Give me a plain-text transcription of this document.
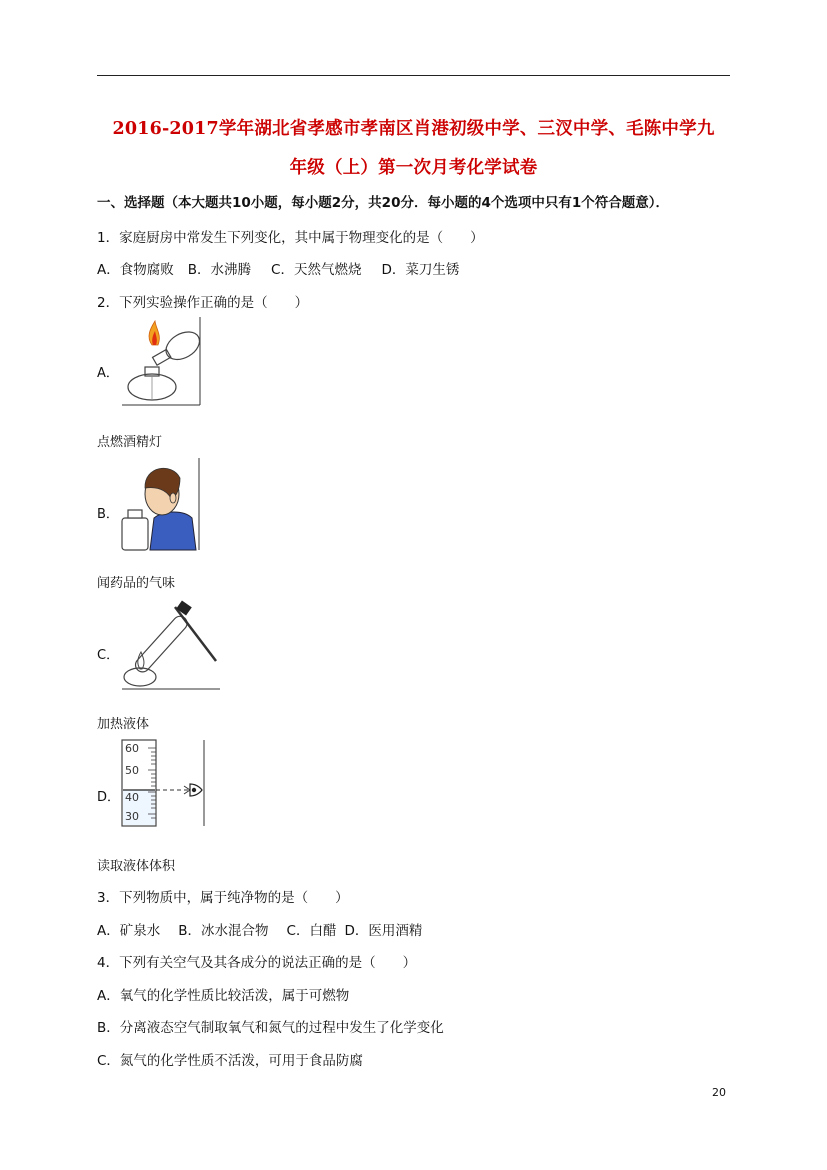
2016-2017学年湖北省孝感市孝南区肖港初级中学、三汊中学、毛陈中学九
年级（上）第一次月考化学试卷
一、选择题（本大题共10小题，每小题2分，共20分．每小题的4个选项中只有1个符合题意）．
1．家庭厨房中常发生下列变化，其中属于物理变化的是（　　）
A．食物腐败 B．水沸腾 C．天然气燃烧 D．菜刀生锈
2．下列实验操作正确的是（　　）
A．
点燃酒精灯
B．
闻药品的气味
C．
加热液体
D．
60
50
40
30
读取液体体积
3．下列物质中，属于纯净物的是（　　）
A．矿泉水 B．冰水混合物 C．白醋 D．医用酒精
4．下列有关空气及其各成分的说法正确的是（　　）
A．氧气的化学性质比较活泼，属于可燃物
B．分离液态空气制取氧气和氮气的过程中发生了化学变化
C．氮气的化学性质不活泼，可用于食品防腐
20
